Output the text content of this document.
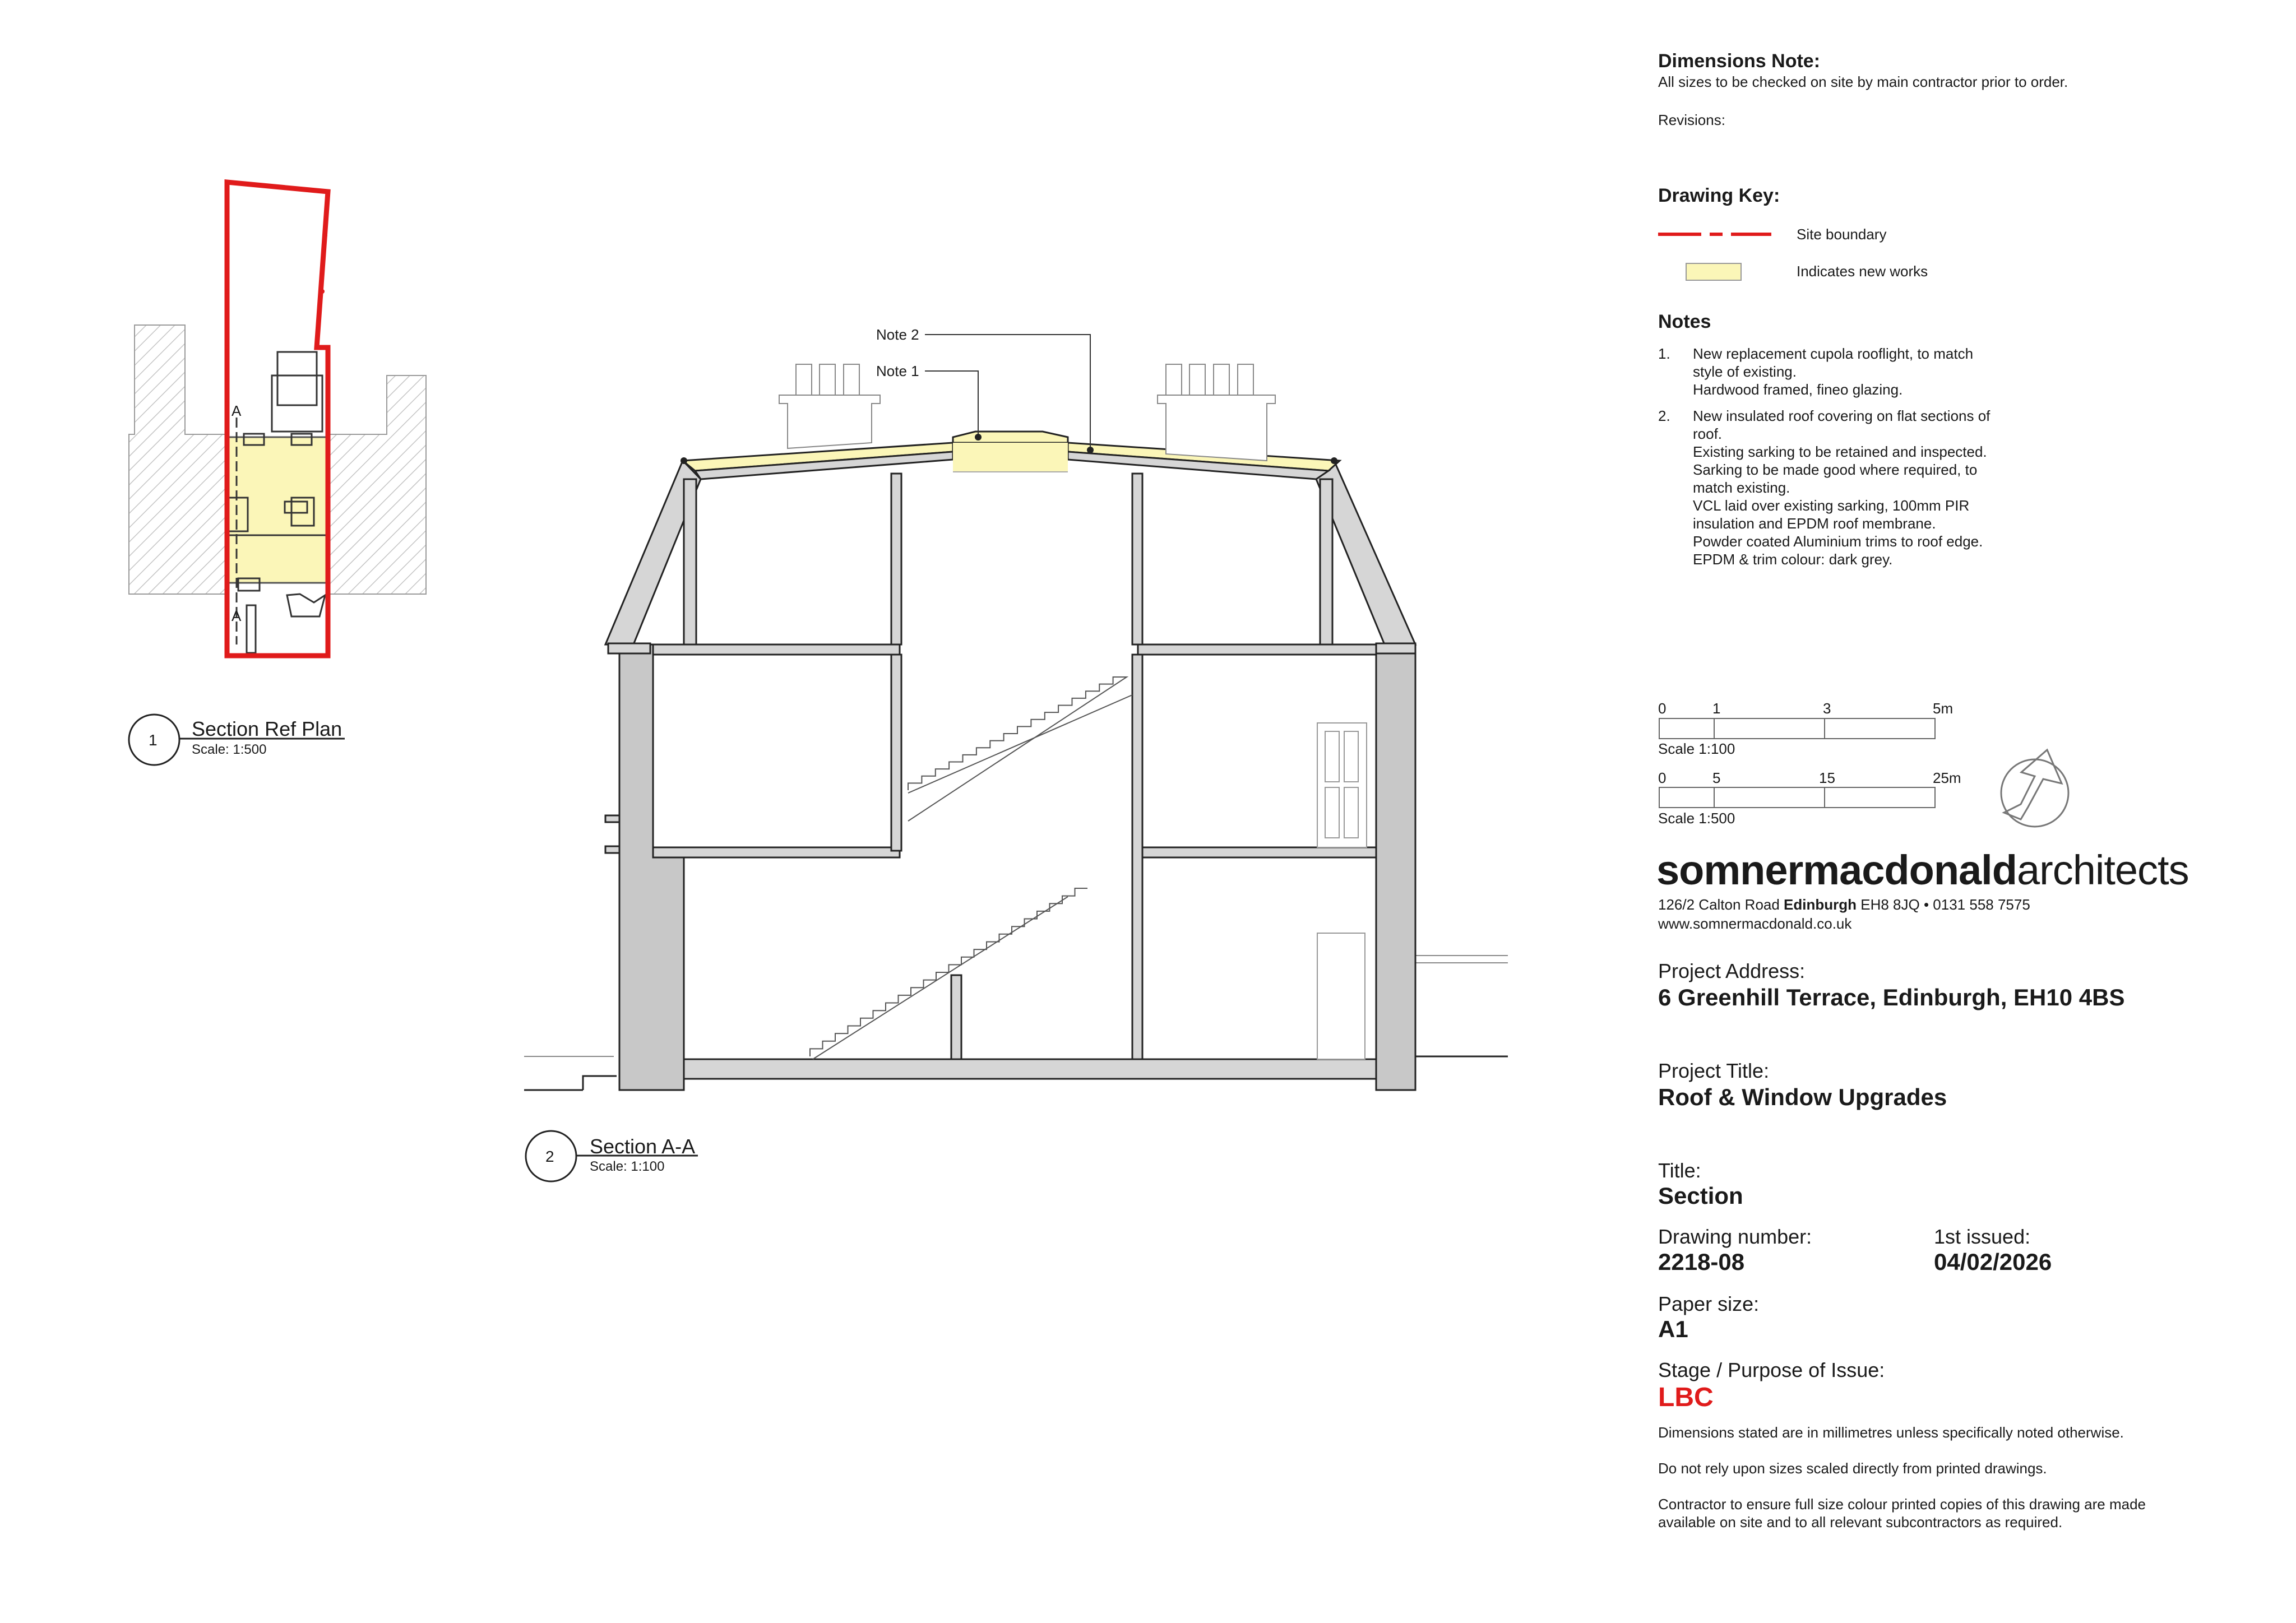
A
A
1 Section Ref Plan
Scale: 1:500
Note 2
Note 1
2 Section A-A
Scale: 1:100
Dimensions Note:
All sizes to be checked on site by main contractor prior to order.
Revisions:
Drawing Key:
Site boundary
Indicates new works
Notes
1. New replacement cupola rooflight, to match
style of existing.
Hardwood framed, fineo glazing.
2. New insulated roof covering on flat sections of
roof.
Existing sarking to be retained and inspected.
Sarking to be made good where required, to
match existing.
VCL laid over existing sarking, 100mm PIR
insulation and EPDM roof membrane.
Powder coated Aluminium trims to roof edge.
EPDM & trim colour: dark grey.
0	1	3	5m
Scale 1:100
0	5	15	25m
Scale 1:500
somnermacdonaldarchitects
126/2 Calton Road Edinburgh EH8 8JQ • 0131 558 7575
www.somnermacdonald.co.uk
Project Address:
6 Greenhill Terrace, Edinburgh, EH10 4BS
Project Title:
Roof & Window Upgrades
Title:
Section
Drawing number:
2218-08
1st issued:
04/02/2026
Paper size:
A1
Stage / Purpose of Issue:
LBC
Dimensions stated are in millimetres unless specifically noted otherwise.
Do not rely upon sizes scaled directly from printed drawings.
Contractor to ensure full size colour printed copies of this drawing are made
available on site and to all relevant subcontractors as required.
